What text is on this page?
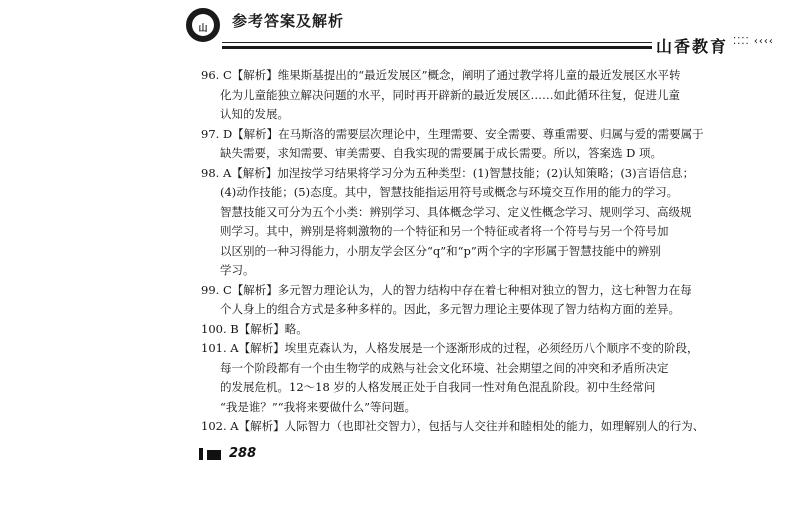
山	参考答案及解析
山香教育 ⁚⁚⁚⁚ ‹‹‹‹
96. C【解析】维果斯基提出的“最近发展区”概念，阐明了通过教学将儿童的最近发展区水平转
化为儿童能独立解决问题的水平，同时再开辟新的最近发展区……如此循环往复，促进儿童
认知的发展。
97. D【解析】在马斯洛的需要层次理论中，生理需要、安全需要、尊重需要、归属与爱的需要属于
缺失需要，求知需要、审美需要、自我实现的需要属于成长需要。所以，答案选 D 项。
98. A【解析】加涅按学习结果将学习分为五种类型：(1)智慧技能；(2)认知策略；(3)言语信息；
(4)动作技能；(5)态度。其中，智慧技能指运用符号或概念与环境交互作用的能力的学习。
智慧技能又可分为五个小类：辨别学习、具体概念学习、定义性概念学习、规则学习、高级规
则学习。其中，辨别是将刺激物的一个特征和另一个特征或者将一个符号与另一个符号加
以区别的一种习得能力，小朋友学会区分“q”和“p”两个字的字形属于智慧技能中的辨别
学习。
99. C【解析】多元智力理论认为，人的智力结构中存在着七种相对独立的智力，这七种智力在每
个人身上的组合方式是多种多样的。因此，多元智力理论主要体现了智力结构方面的差异。
100. B【解析】略。
101. A【解析】埃里克森认为，人格发展是一个逐渐形成的过程，必须经历八个顺序不变的阶段，
每一个阶段都有一个由生物学的成熟与社会文化环境、社会期望之间的冲突和矛盾所决定
的发展危机。12～18 岁的人格发展正处于自我同一性对角色混乱阶段。初中生经常问
“我是谁？”“我将来要做什么”等问题。
102. A【解析】人际智力（也即社交智力），包括与人交往并和睦相处的能力，如理解别人的行为、
288
